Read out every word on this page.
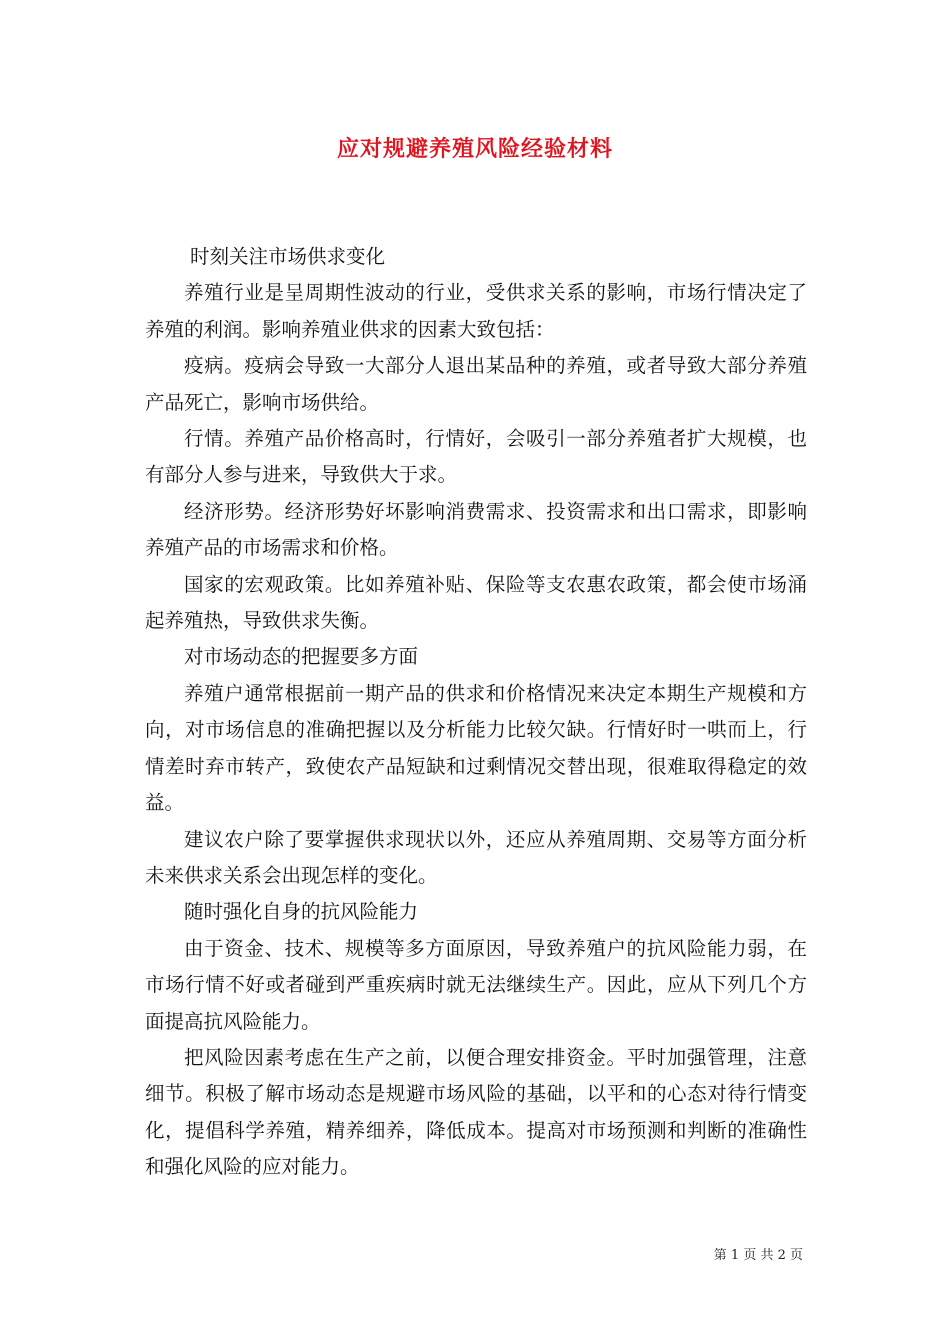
应对规避养殖风险经验材料

时刻关注市场供求变化

养殖行业是呈周期性波动的行业，受供求关系的影响，市场行情决定了养殖的利润。影响养殖业供求的因素大致包括：

疫病。疫病会导致一大部分人退出某品种的养殖，或者导致大部分养殖产品死亡，影响市场供给。

行情。养殖产品价格高时，行情好，会吸引一部分养殖者扩大规模，也有部分人参与进来，导致供大于求。

经济形势。经济形势好坏影响消费需求、投资需求和出口需求，即影响养殖产品的市场需求和价格。

国家的宏观政策。比如养殖补贴、保险等支农惠农政策，都会使市场涌起养殖热，导致供求失衡。

对市场动态的把握要多方面

养殖户通常根据前一期产品的供求和价格情况来决定本期生产规模和方向，对市场信息的准确把握以及分析能力比较欠缺。行情好时一哄而上，行情差时弃市转产，致使农产品短缺和过剩情况交替出现，很难取得稳定的效益。

建议农户除了要掌握供求现状以外，还应从养殖周期、交易等方面分析未来供求关系会出现怎样的变化。

随时强化自身的抗风险能力

由于资金、技术、规模等多方面原因，导致养殖户的抗风险能力弱，在市场行情不好或者碰到严重疾病时就无法继续生产。因此，应从下列几个方面提高抗风险能力。

把风险因素考虑在生产之前，以便合理安排资金。平时加强管理，注意细节。积极了解市场动态是规避市场风险的基础，以平和的心态对待行情变化，提倡科学养殖，精养细养，降低成本。提高对市场预测和判断的准确性和强化风险的应对能力。

第 1 页 共 2 页
